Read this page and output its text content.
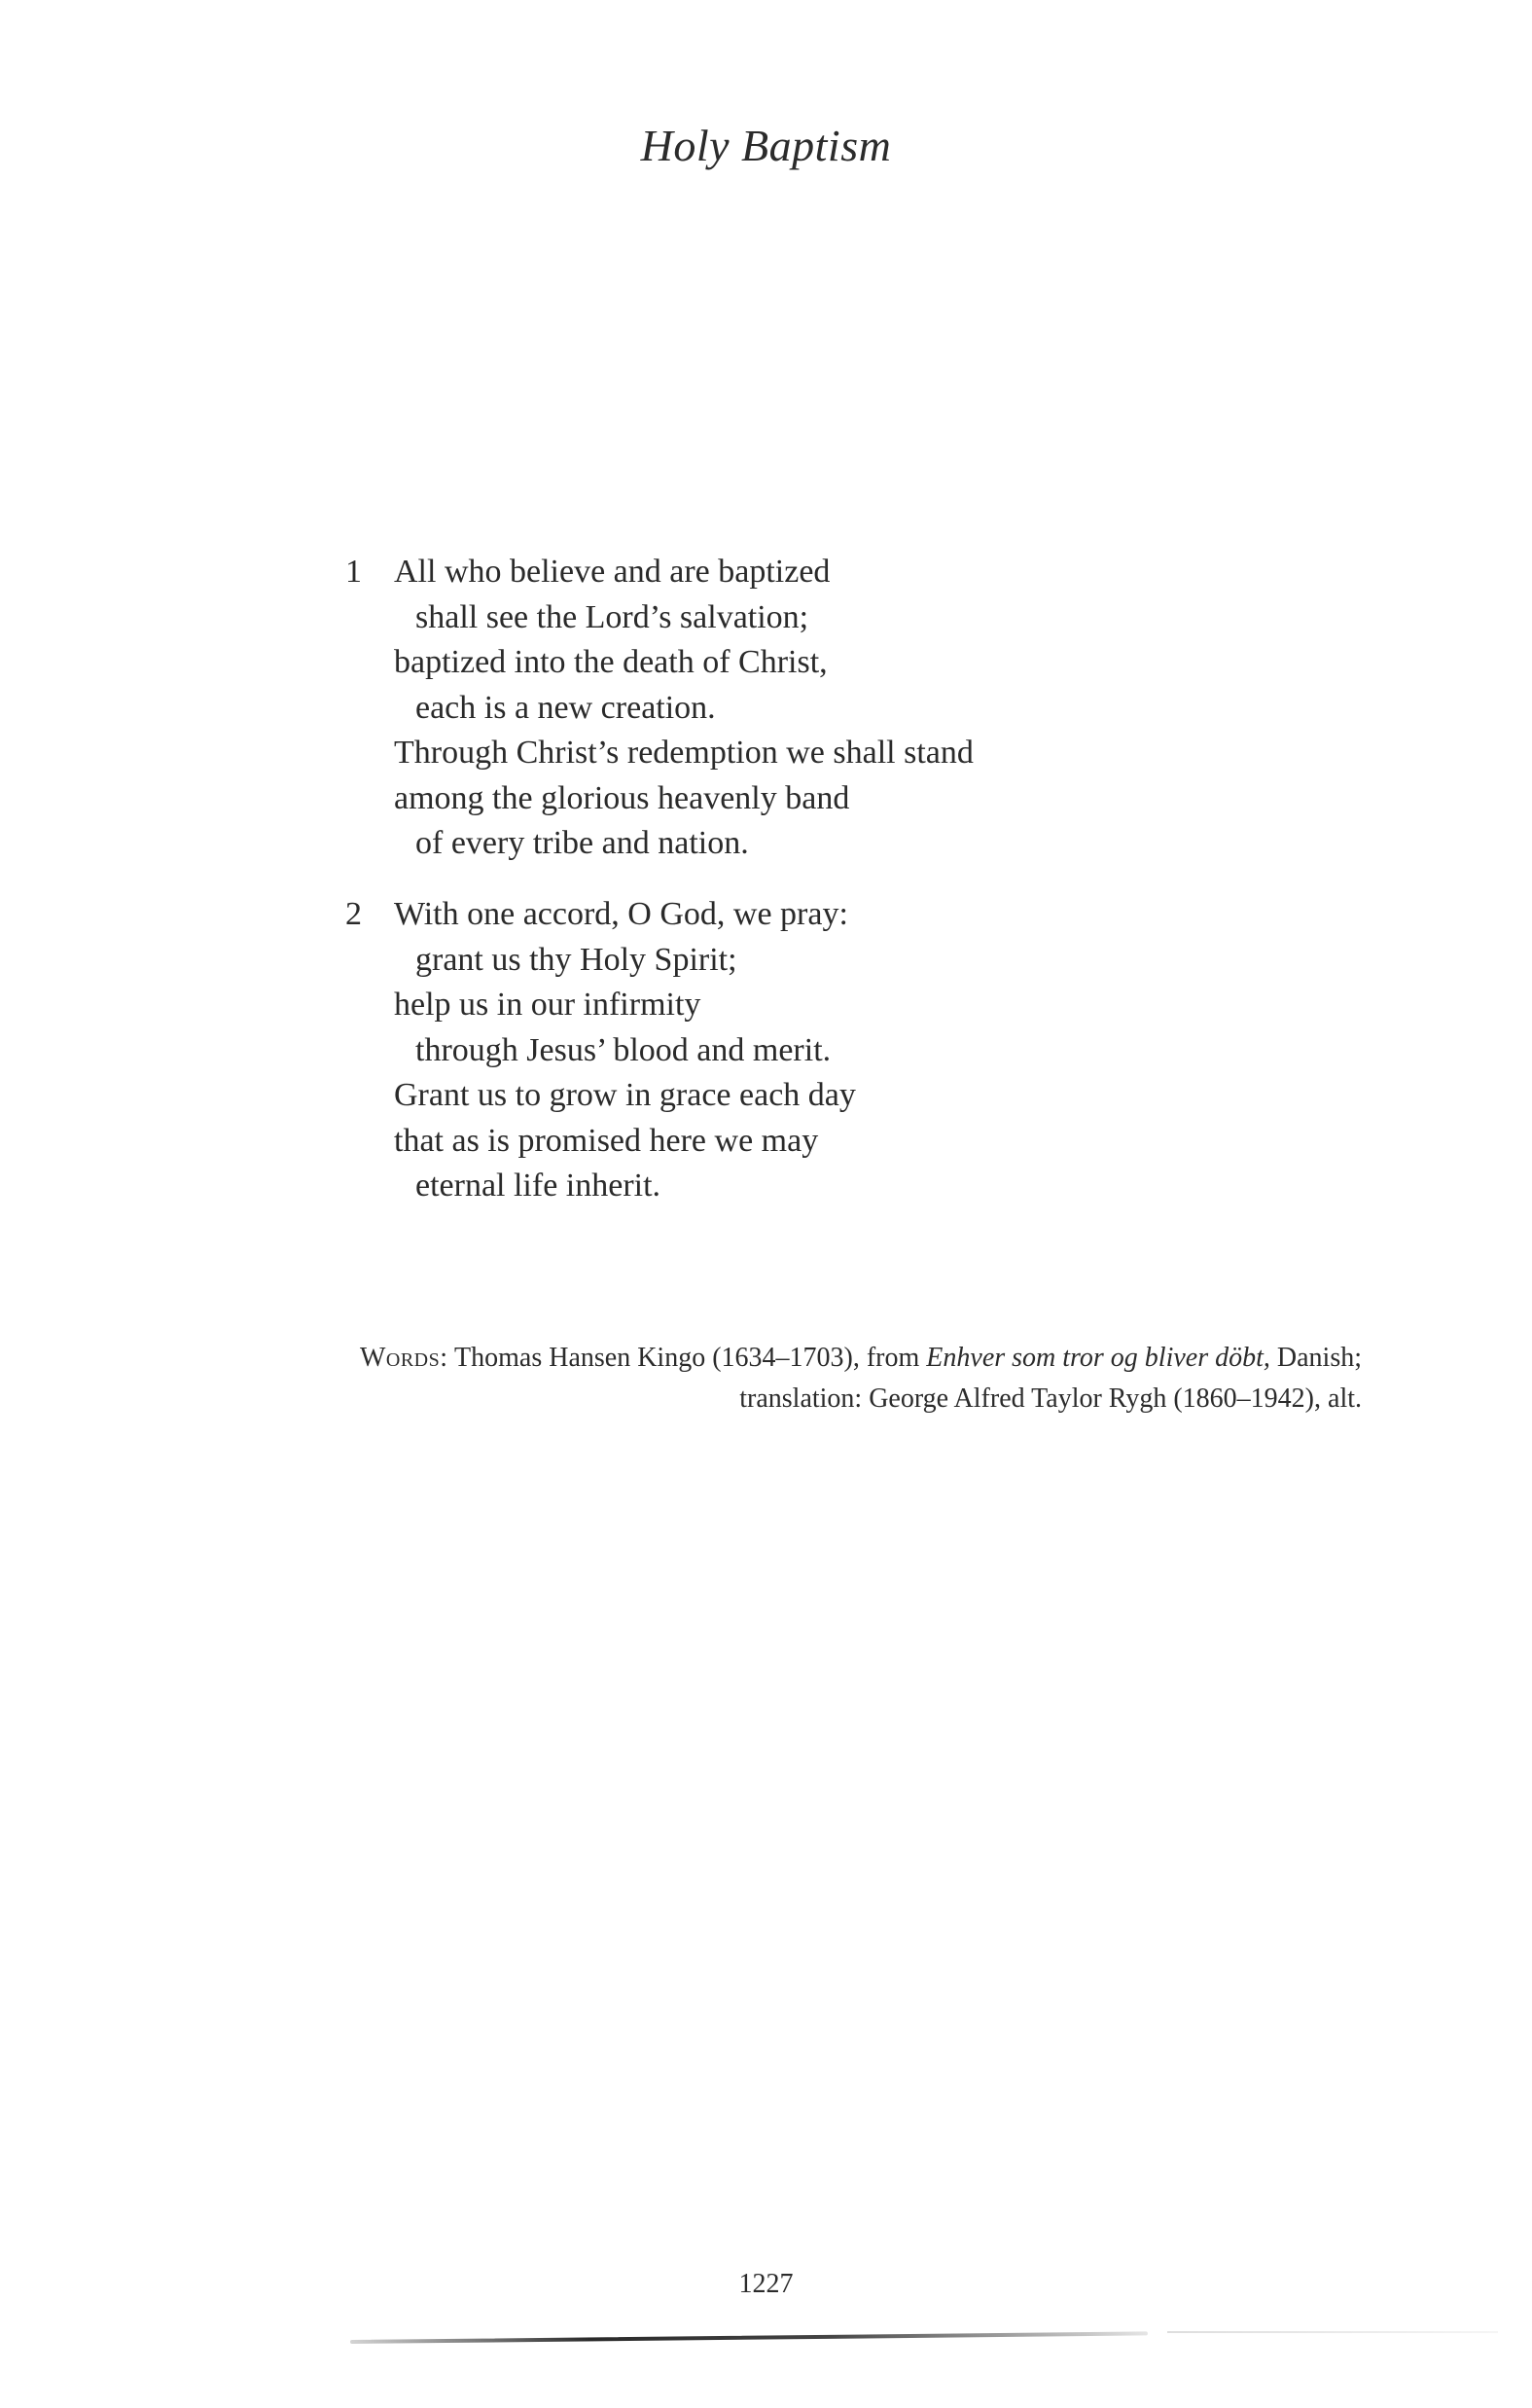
Holy Baptism
1 All who believe and are baptized
shall see the Lord’s salvation;
baptized into the death of Christ,
each is a new creation.
Through Christ’s redemption we shall stand
among the glorious heavenly band
of every tribe and nation.
2 With one accord, O God, we pray:
grant us thy Holy Spirit;
help us in our infirmity
through Jesus’ blood and merit.
Grant us to grow in grace each day
that as is promised here we may
eternal life inherit.
Words: Thomas Hansen Kingo (1634–1703), from Enhver som tror og bliver döbt, Danish;
translation: George Alfred Taylor Rygh (1860–1942), alt.
1227
